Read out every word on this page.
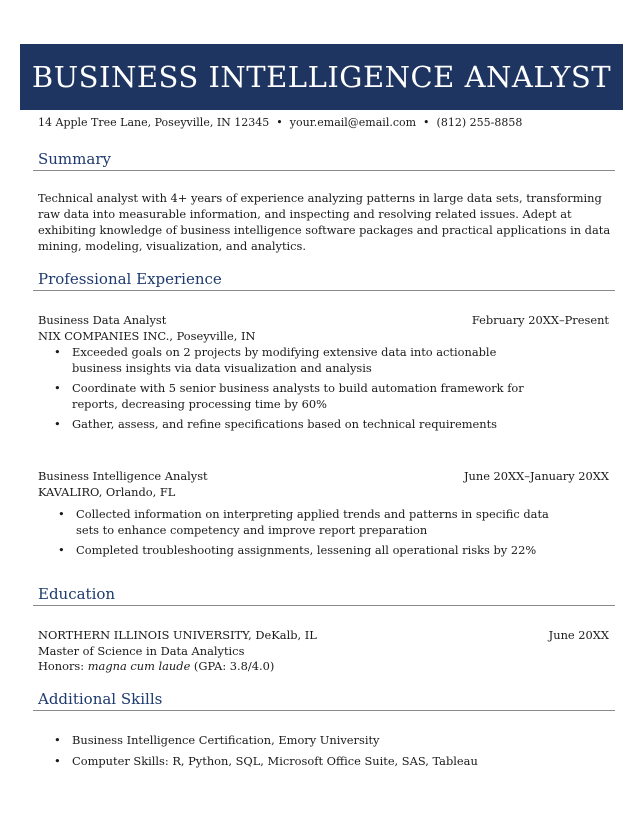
BUSINESS INTELLIGENCE ANALYST
14 Apple Tree Lane, Poseyville, IN 12345 • your.email@email.com • (812) 255-8858
Summary
Technical analyst with 4+ years of experience analyzing patterns in large data sets, transforming raw data into measurable information, and inspecting and resolving related issues. Adept at exhibiting knowledge of business intelligence software packages and practical applications in data mining, modeling, visualization, and analytics.
Professional Experience
Business Data Analyst	February 20XX–Present
NIX COMPANIES INC., Poseyville, IN
• Exceeded goals on 2 projects by modifying extensive data into actionable business insights via data visualization and analysis
• Coordinate with 5 senior business analysts to build automation framework for reports, decreasing processing time by 60%
• Gather, assess, and refine specifications based on technical requirements
Business Intelligence Analyst	June 20XX–January 20XX
KAVALIRO, Orlando, FL
• Collected information on interpreting applied trends and patterns in specific data sets to enhance competency and improve report preparation
• Completed troubleshooting assignments, lessening all operational risks by 22%
Education
NORTHERN ILLINOIS UNIVERSITY, DeKalb, IL	June 20XX
Master of Science in Data Analytics
Honors: magna cum laude (GPA: 3.8/4.0)
Additional Skills
• Business Intelligence Certification, Emory University
• Computer Skills: R, Python, SQL, Microsoft Office Suite, SAS, Tableau
